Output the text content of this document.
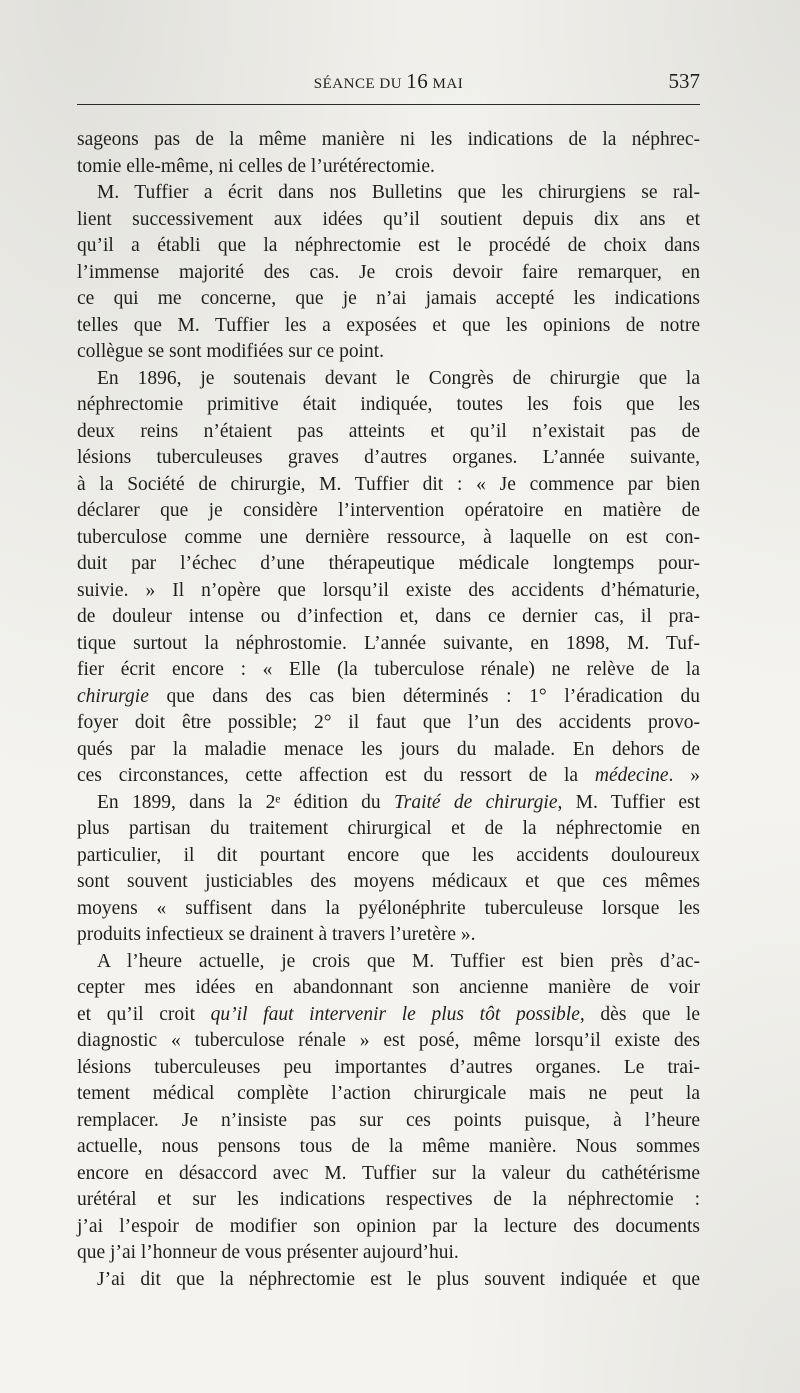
SÉANCE DU 16 MAI	537
sageons pas de la même manière ni les indications de la néphrec-
tomie elle-même, ni celles de l’urétérectomie.
M. Tuffier a écrit dans nos Bulletins que les chirurgiens se ral-
lient successivement aux idées qu’il soutient depuis dix ans et
qu’il a établi que la néphrectomie est le procédé de choix dans
l’immense majorité des cas. Je crois devoir faire remarquer, en
ce qui me concerne, que je n’ai jamais accepté les indications
telles que M. Tuffier les a exposées et que les opinions de notre
collègue se sont modifiées sur ce point.
En 1896, je soutenais devant le Congrès de chirurgie que la
néphrectomie primitive était indiquée, toutes les fois que les
deux reins n’étaient pas atteints et qu’il n’existait pas de
lésions tuberculeuses graves d’autres organes. L’année suivante,
à la Société de chirurgie, M. Tuffier dit : « Je commence par bien
déclarer que je considère l’intervention opératoire en matière de
tuberculose comme une dernière ressource, à laquelle on est con-
duit par l’échec d’une thérapeutique médicale longtemps pour-
suivie. » Il n’opère que lorsqu’il existe des accidents d’hématurie,
de douleur intense ou d’infection et, dans ce dernier cas, il pra-
tique surtout la néphrostomie. L’année suivante, en 1898, M. Tuf-
fier écrit encore : « Elle (la tuberculose rénale) ne relève de la
chirurgie que dans des cas bien déterminés : 1° l’éradication du
foyer doit être possible; 2° il faut que l’un des accidents provo-
qués par la maladie menace les jours du malade. En dehors de
ces circonstances, cette affection est du ressort de la médecine. »
En 1899, dans la 2ᵉ édition du Traité de chirurgie, M. Tuffier est
plus partisan du traitement chirurgical et de la néphrectomie en
particulier, il dit pourtant encore que les accidents douloureux
sont souvent justiciables des moyens médicaux et que ces mêmes
moyens « suffisent dans la pyélonéphrite tuberculeuse lorsque les
produits infectieux se drainent à travers l’uretère ».
A l’heure actuelle, je crois que M. Tuffier est bien près d’ac-
cepter mes idées en abandonnant son ancienne manière de voir
et qu’il croit qu’il faut intervenir le plus tôt possible, dès que le
diagnostic « tuberculose rénale » est posé, même lorsqu’il existe des
lésions tuberculeuses peu importantes d’autres organes. Le trai-
tement médical complète l’action chirurgicale mais ne peut la
remplacer. Je n’insiste pas sur ces points puisque, à l’heure
actuelle, nous pensons tous de la même manière. Nous sommes
encore en désaccord avec M. Tuffier sur la valeur du cathétérisme
urétéral et sur les indications respectives de la néphrectomie :
j’ai l’espoir de modifier son opinion par la lecture des documents
que j’ai l’honneur de vous présenter aujourd’hui.
J’ai dit que la néphrectomie est le plus souvent indiquée et que
